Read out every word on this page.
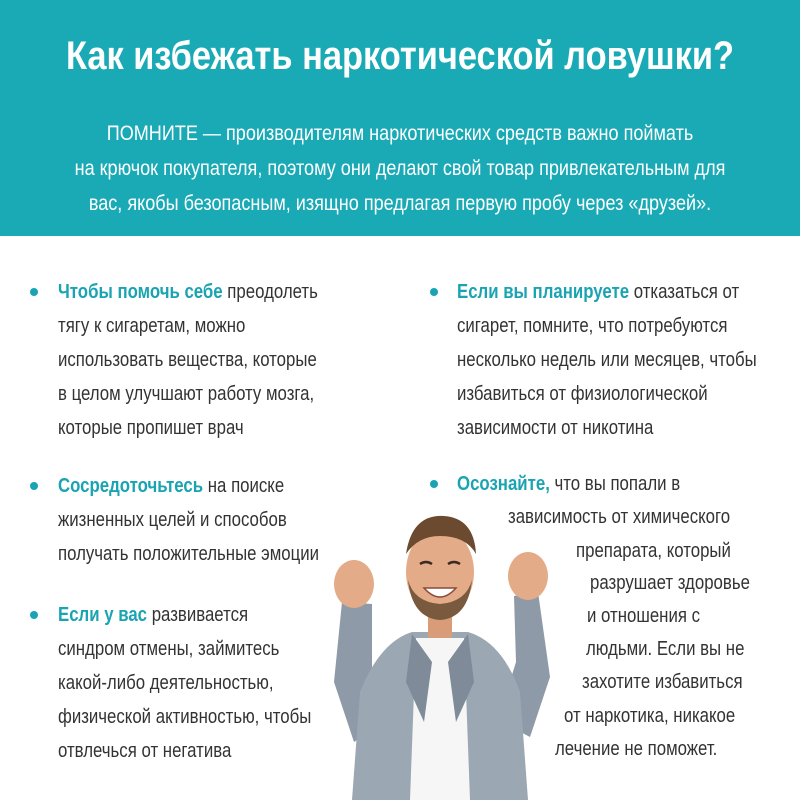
Как избежать наркотической ловушки?
ПОМНИТЕ — производителям наркотических средств важно поймать
на крючок покупателя, поэтому они делают свой товар привлекательным для
вас, якобы безопасным, изящно предлагая первую пробу через «друзей».
Чтобы помочь себе преодолеть
тягу к сигаретам, можно
использовать вещества, которые
в целом улучшают работу мозга,
которые пропишет врач
Сосредоточьтесь на поиске
жизненных целей и способов
получать положительные эмоции
Если у вас развивается
синдром отмены, займитесь
какой-либо деятельностью,
физической активностью, чтобы
отвлечься от негатива
Если вы планируете отказаться от
сигарет, помните, что потребуются
несколько недель или месяцев, чтобы
избавиться от физиологической
зависимости от никотина
Осознайте, что вы попали в
зависимость от химического
препарата, который
разрушает здоровье
и отношения с
людьми. Если вы не
захотите избавиться
от наркотика, никакое
лечение не поможет.
